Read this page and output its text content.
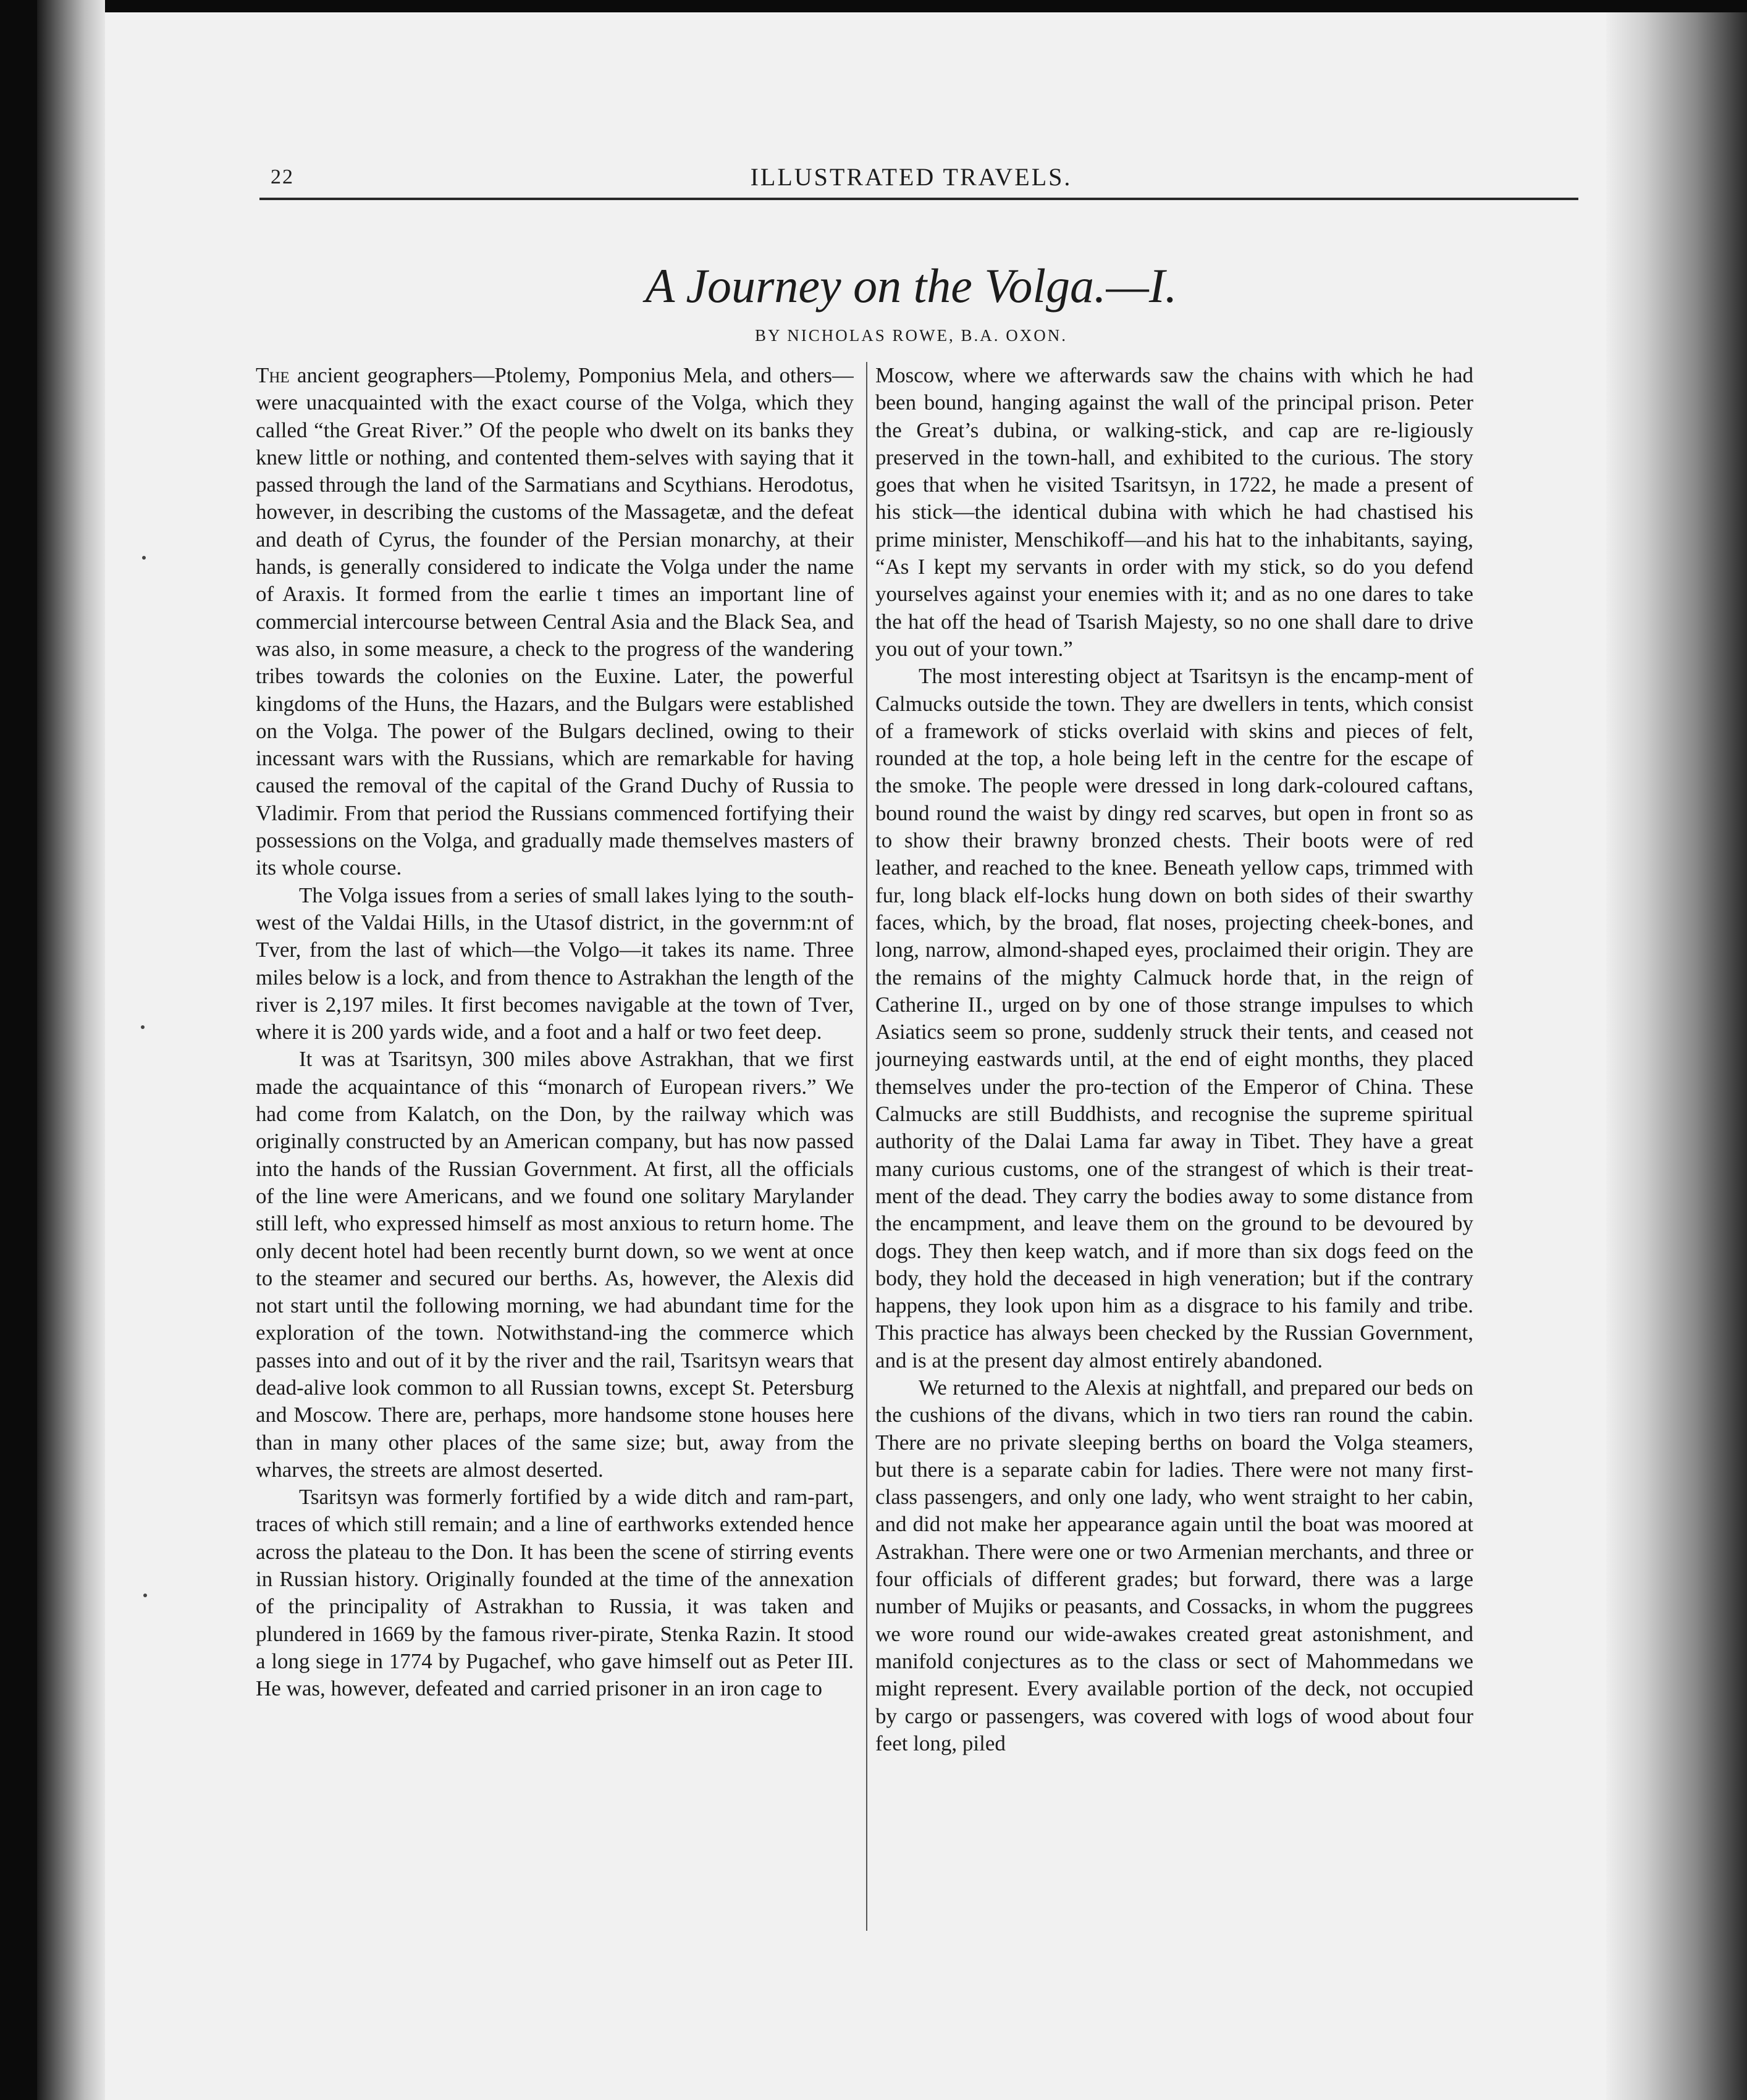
22	ILLUSTRATED TRAVELS.
A Journey on the Volga.—I.
BY NICHOLAS ROWE, B.A. OXON.

The ancient geographers—Ptolemy, Pomponius Mela, and others—were unacquainted with the exact course of the Volga, which they called “the Great River.” Of the people who dwelt on its banks they knew little or nothing, and contented them-selves with saying that it passed through the land of the Sarmatians and Scythians. Herodotus, however, in describing the customs of the Massagetæ, and the defeat and death of Cyrus, the founder of the Persian monarchy, at their hands, is generally considered to indicate the Volga under the name of Araxis. It formed from the earlie t times an important line of commercial intercourse between Central Asia and the Black Sea, and was also, in some measure, a check to the progress of the wandering tribes towards the colonies on the Euxine. Later, the powerful kingdoms of the Huns, the Hazars, and the Bulgars were established on the Volga. The power of the Bulgars declined, owing to their incessant wars with the Russians, which are remarkable for having caused the removal of the capital of the Grand Duchy of Russia to Vladimir. From that period the Russians commenced fortifying their possessions on the Volga, and gradually made themselves masters of its whole course.

The Volga issues from a series of small lakes lying to the south-west of the Valdai Hills, in the Utasof district, in the governm:nt of Tver, from the last of which—the Volgo—it takes its name. Three miles below is a lock, and from thence to Astrakhan the length of the river is 2,197 miles. It first becomes navigable at the town of Tver, where it is 200 yards wide, and a foot and a half or two feet deep.

It was at Tsaritsyn, 300 miles above Astrakhan, that we first made the acquaintance of this “monarch of European rivers.” We had come from Kalatch, on the Don, by the railway which was originally constructed by an American company, but has now passed into the hands of the Russian Government. At first, all the officials of the line were Americans, and we found one solitary Marylander still left, who expressed himself as most anxious to return home. The only decent hotel had been recently burnt down, so we went at once to the steamer and secured our berths. As, however, the Alexis did not start until the following morning, we had abundant time for the exploration of the town. Notwithstand-ing the commerce which passes into and out of it by the river and the rail, Tsaritsyn wears that dead-alive look common to all Russian towns, except St. Petersburg and Moscow. There are, perhaps, more handsome stone houses here than in many other places of the same size; but, away from the wharves, the streets are almost deserted.

Tsaritsyn was formerly fortified by a wide ditch and ram-part, traces of which still remain; and a line of earthworks extended hence across the plateau to the Don. It has been the scene of stirring events in Russian history. Originally founded at the time of the annexation of the principality of Astrakhan to Russia, it was taken and plundered in 1669 by the famous river-pirate, Stenka Razin. It stood a long siege in 1774 by Pugachef, who gave himself out as Peter III. He was, however, defeated and carried prisoner in an iron cage to

Moscow, where we afterwards saw the chains with which he had been bound, hanging against the wall of the principal prison. Peter the Great’s dubina, or walking-stick, and cap are re-ligiously preserved in the town-hall, and exhibited to the curious. The story goes that when he visited Tsaritsyn, in 1722, he made a present of his stick—the identical dubina with which he had chastised his prime minister, Menschikoff—and his hat to the inhabitants, saying, “As I kept my servants in order with my stick, so do you defend yourselves against your enemies with it; and as no one dares to take the hat off the head of Tsarish Majesty, so no one shall dare to drive you out of your town.”

The most interesting object at Tsaritsyn is the encamp-ment of Calmucks outside the town. They are dwellers in tents, which consist of a framework of sticks overlaid with skins and pieces of felt, rounded at the top, a hole being left in the centre for the escape of the smoke. The people were dressed in long dark-coloured caftans, bound round the waist by dingy red scarves, but open in front so as to show their brawny bronzed chests. Their boots were of red leather, and reached to the knee. Beneath yellow caps, trimmed with fur, long black elf-locks hung down on both sides of their swarthy faces, which, by the broad, flat noses, projecting cheek-bones, and long, narrow, almond-shaped eyes, proclaimed their origin. They are the remains of the mighty Calmuck horde that, in the reign of Catherine II., urged on by one of those strange impulses to which Asiatics seem so prone, suddenly struck their tents, and ceased not journeying eastwards until, at the end of eight months, they placed themselves under the pro-tection of the Emperor of China. These Calmucks are still Buddhists, and recognise the supreme spiritual authority of the Dalai Lama far away in Tibet. They have a great many curious customs, one of the strangest of which is their treat-ment of the dead. They carry the bodies away to some distance from the encampment, and leave them on the ground to be devoured by dogs. They then keep watch, and if more than six dogs feed on the body, they hold the deceased in high veneration; but if the contrary happens, they look upon him as a disgrace to his family and tribe. This practice has always been checked by the Russian Government, and is at the present day almost entirely abandoned.

We returned to the Alexis at nightfall, and prepared our beds on the cushions of the divans, which in two tiers ran round the cabin. There are no private sleeping berths on board the Volga steamers, but there is a separate cabin for ladies. There were not many first-class passengers, and only one lady, who went straight to her cabin, and did not make her appearance again until the boat was moored at Astrakhan. There were one or two Armenian merchants, and three or four officials of different grades; but forward, there was a large number of Mujiks or peasants, and Cossacks, in whom the puggrees we wore round our wide-awakes created great astonishment, and manifold conjectures as to the class or sect of Mahommedans we might represent. Every available portion of the deck, not occupied by cargo or passengers, was covered with logs of wood about four feet long, piled
